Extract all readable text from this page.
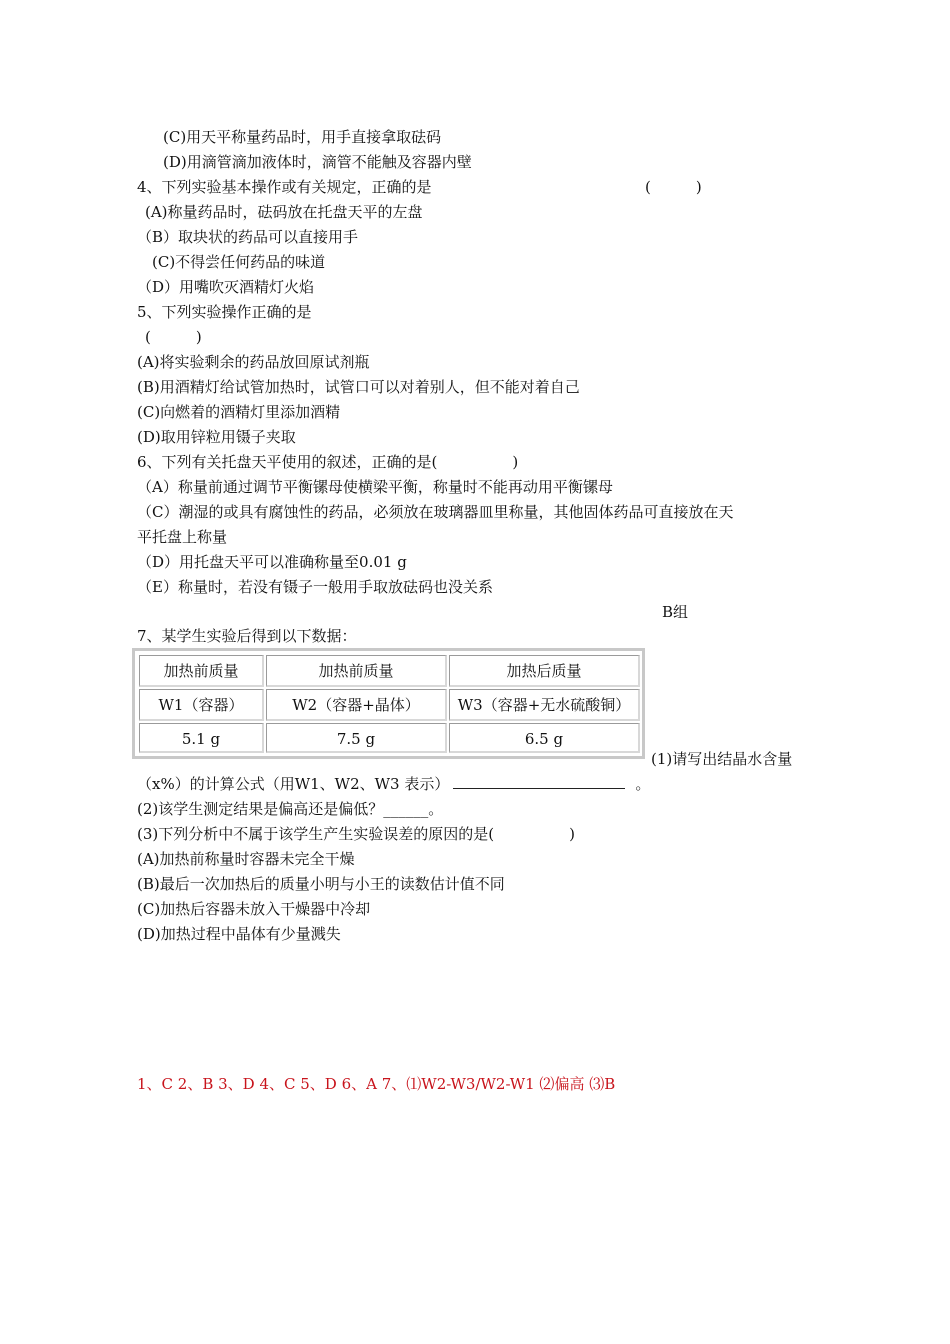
(C)用天平称量药品时，用手直接拿取砝码
(D)用滴管滴加液体时，滴管不能触及容器内壁
4、下列实验基本操作或有关规定，正确的是	(　　　)
(A)称量药品时，砝码放在托盘天平的左盘
（B）取块状的药品可以直接用手
(C)不得尝任何药品的味道
（D）用嘴吹灭酒精灯火焰
5、下列实验操作正确的是
(　　　)
(A)将实验剩余的药品放回原试剂瓶
(B)用酒精灯给试管加热时，试管口可以对着别人，但不能对着自己
(C)向燃着的酒精灯里添加酒精
(D)取用锌粒用镊子夹取
6、下列有关托盘天平使用的叙述，正确的是(　　　　　)
（A）称量前通过调节平衡镙母使横梁平衡，称量时不能再动用平衡镙母
（C）潮湿的或具有腐蚀性的药品，必须放在玻璃器皿里称量，其他固体药品可直接放在天
平托盘上称量
（D）用托盘天平可以准确称量至0.01 g
（E）称量时，若没有镊子一般用手取放砝码也没关系
B组
7、某学生实验后得到以下数据：
加热前质量	加热前质量	加热后质量
W1（容器）	W2（容器+晶体）	W3（容器+无水硫酸铜）
5.1 g	7.5 g	6.5 g
(1)请写出结晶水含量
（x%）的计算公式（用W1、W2、W3 表示）	。
(2)该学生测定结果是偏高还是偏低？______。
(3)下列分析中不属于该学生产生实验误差的原因的是(　　　　　)
(A)加热前称量时容器未完全干燥
(B)最后一次加热后的质量小明与小王的读数估计值不同
(C)加热后容器未放入干燥器中冷却
(D)加热过程中晶体有少量溅失
1、C 2、B 3、D 4、C 5、D 6、A 7、⑴W2-W3/W2-W1 ⑵偏高 ⑶B
